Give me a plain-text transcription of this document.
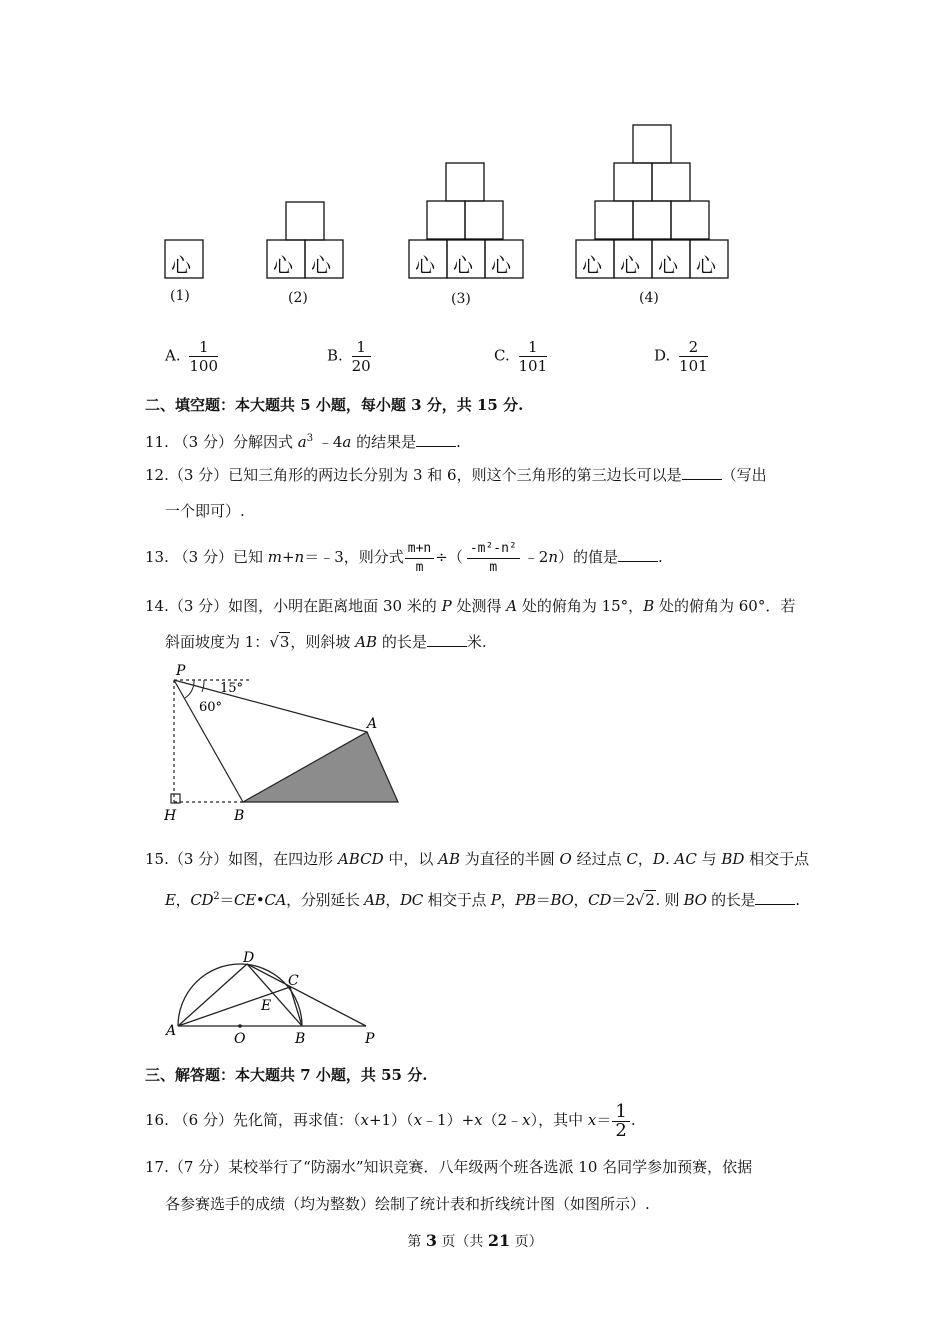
心	心 心	心 心 心	心 心 心 心
(1)	(2)	(3)	(4)
A. $\frac{1}{100}$	B. $\frac{1}{20}$	C. $\frac{1}{101}$	D. $\frac{2}{101}$
二、填空题：本大题共 5 小题，每小题 3 分，共 15 分.
11. （3 分）分解因式 $a^3$ ﹣4a 的结果是	.
12.（3 分）已知三角形的两边长分别为 3 和 6，则这个三角形的第三边长可以是	（写出
一个即可）.
13. （3 分）已知 m+n＝﹣3，则分式 $\frac{m+n}{m}$ ÷（ $\frac{\text{-m²-n²}}{m}$ ﹣2n）的值是	.
14.（3 分）如图，小明在距离地面 30 米的 P 处测得 A 处的俯角为 15°，B 处的俯角为 60°．若
斜面坡度为 1：√3，则斜坡 AB 的长是	米.
P
A
B
H
15°
60°
15.（3 分）如图，在四边形 ABCD 中，以 AB 为直径的半圆 O 经过点 C，D. AC 与 BD 相交于点
E，$CD^2=CE•CA$，分别延长 AB，DC 相交于点 P，PB＝BO，CD＝2√2. 则 BO 的长是	.
A	B
C
D
E
O	P
三、解答题：本大题共 7 小题，共 55 分.
16. （6 分）先化简，再求值：（x+1）（x﹣1）+x（2﹣x），其中 $x= \frac{1}{2}$ .
17.（7 分）某校举行了“防溺水”知识竞赛．八年级两个班各选派 10 名同学参加预赛，依据
各参赛选手的成绩（均为整数）绘制了统计表和折线统计图（如图所示）.
第 3 页（共 21 页）
